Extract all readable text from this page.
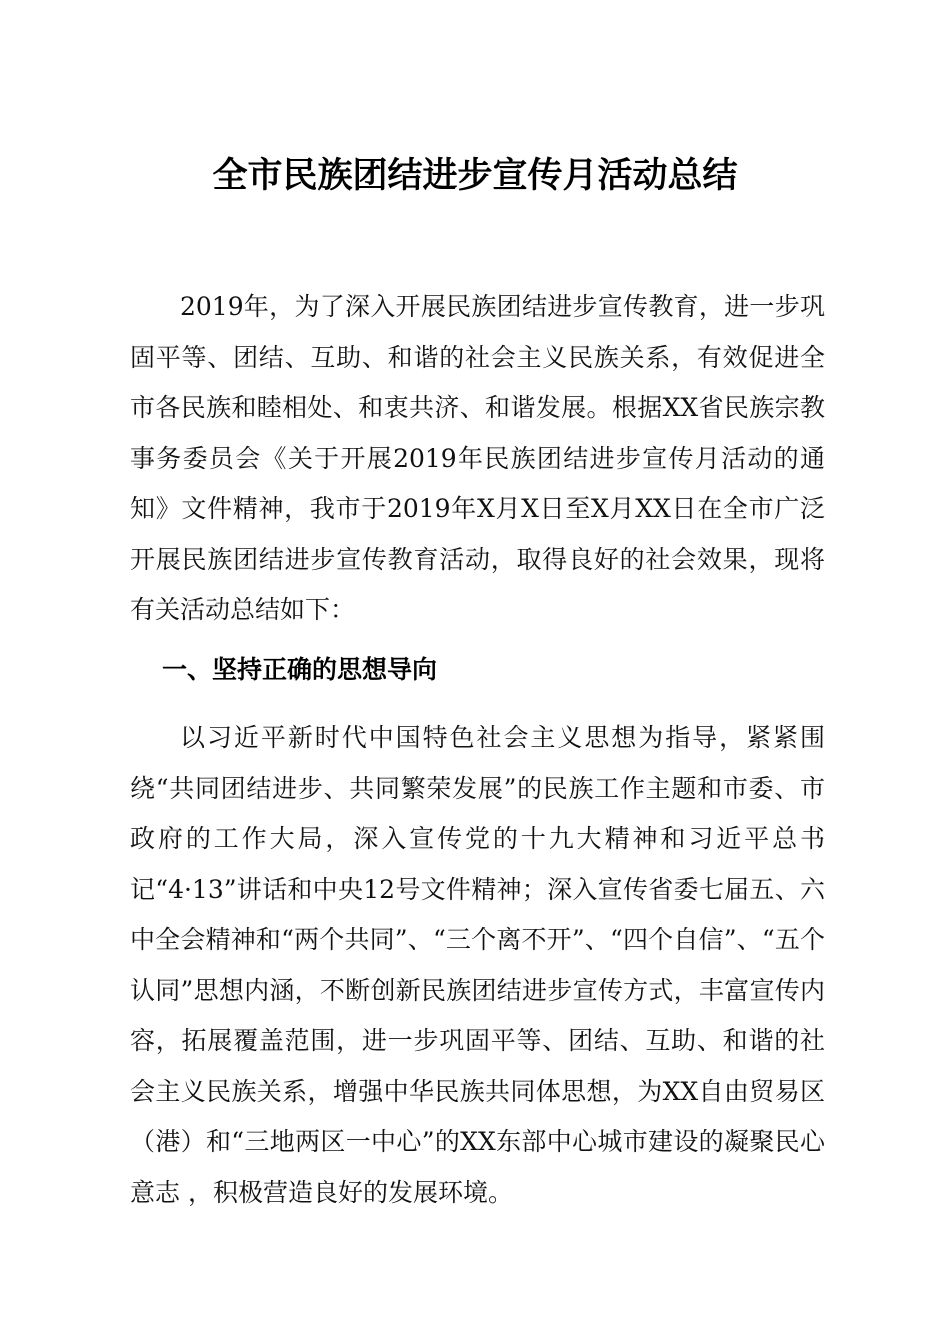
全市民族团结进步宣传月活动总结

2019年，为了深入开展民族团结进步宣传教育，进一步巩固平等、团结、互助、和谐的社会主义民族关系，有效促进全市各民族和睦相处、和衷共济、和谐发展。根据XX省民族宗教事务委员会《关于开展2019年民族团结进步宣传月活动的通知》文件精神，我市于2019年X月X日至X月XX日在全市广泛开展民族团结进步宣传教育活动，取得良好的社会效果，现将有关活动总结如下：

一、坚持正确的思想导向

以习近平新时代中国特色社会主义思想为指导，紧紧围绕“共同团结进步、共同繁荣发展”的民族工作主题和市委、市政府的工作大局，深入宣传党的十九大精神和习近平总书记“4·13”讲话和中央12号文件精神；深入宣传省委七届五、六中全会精神和“两个共同”、“三个离不开”、“四个自信”、“五个认同”思想内涵，不断创新民族团结进步宣传方式，丰富宣传内容，拓展覆盖范围，进一步巩固平等、团结、互助、和谐的社会主义民族关系，增强中华民族共同体思想，为XX自由贸易区（港）和“三地两区一中心”的XX东部中心城市建设的凝聚民心意志 ，积极营造良好的发展环境。
